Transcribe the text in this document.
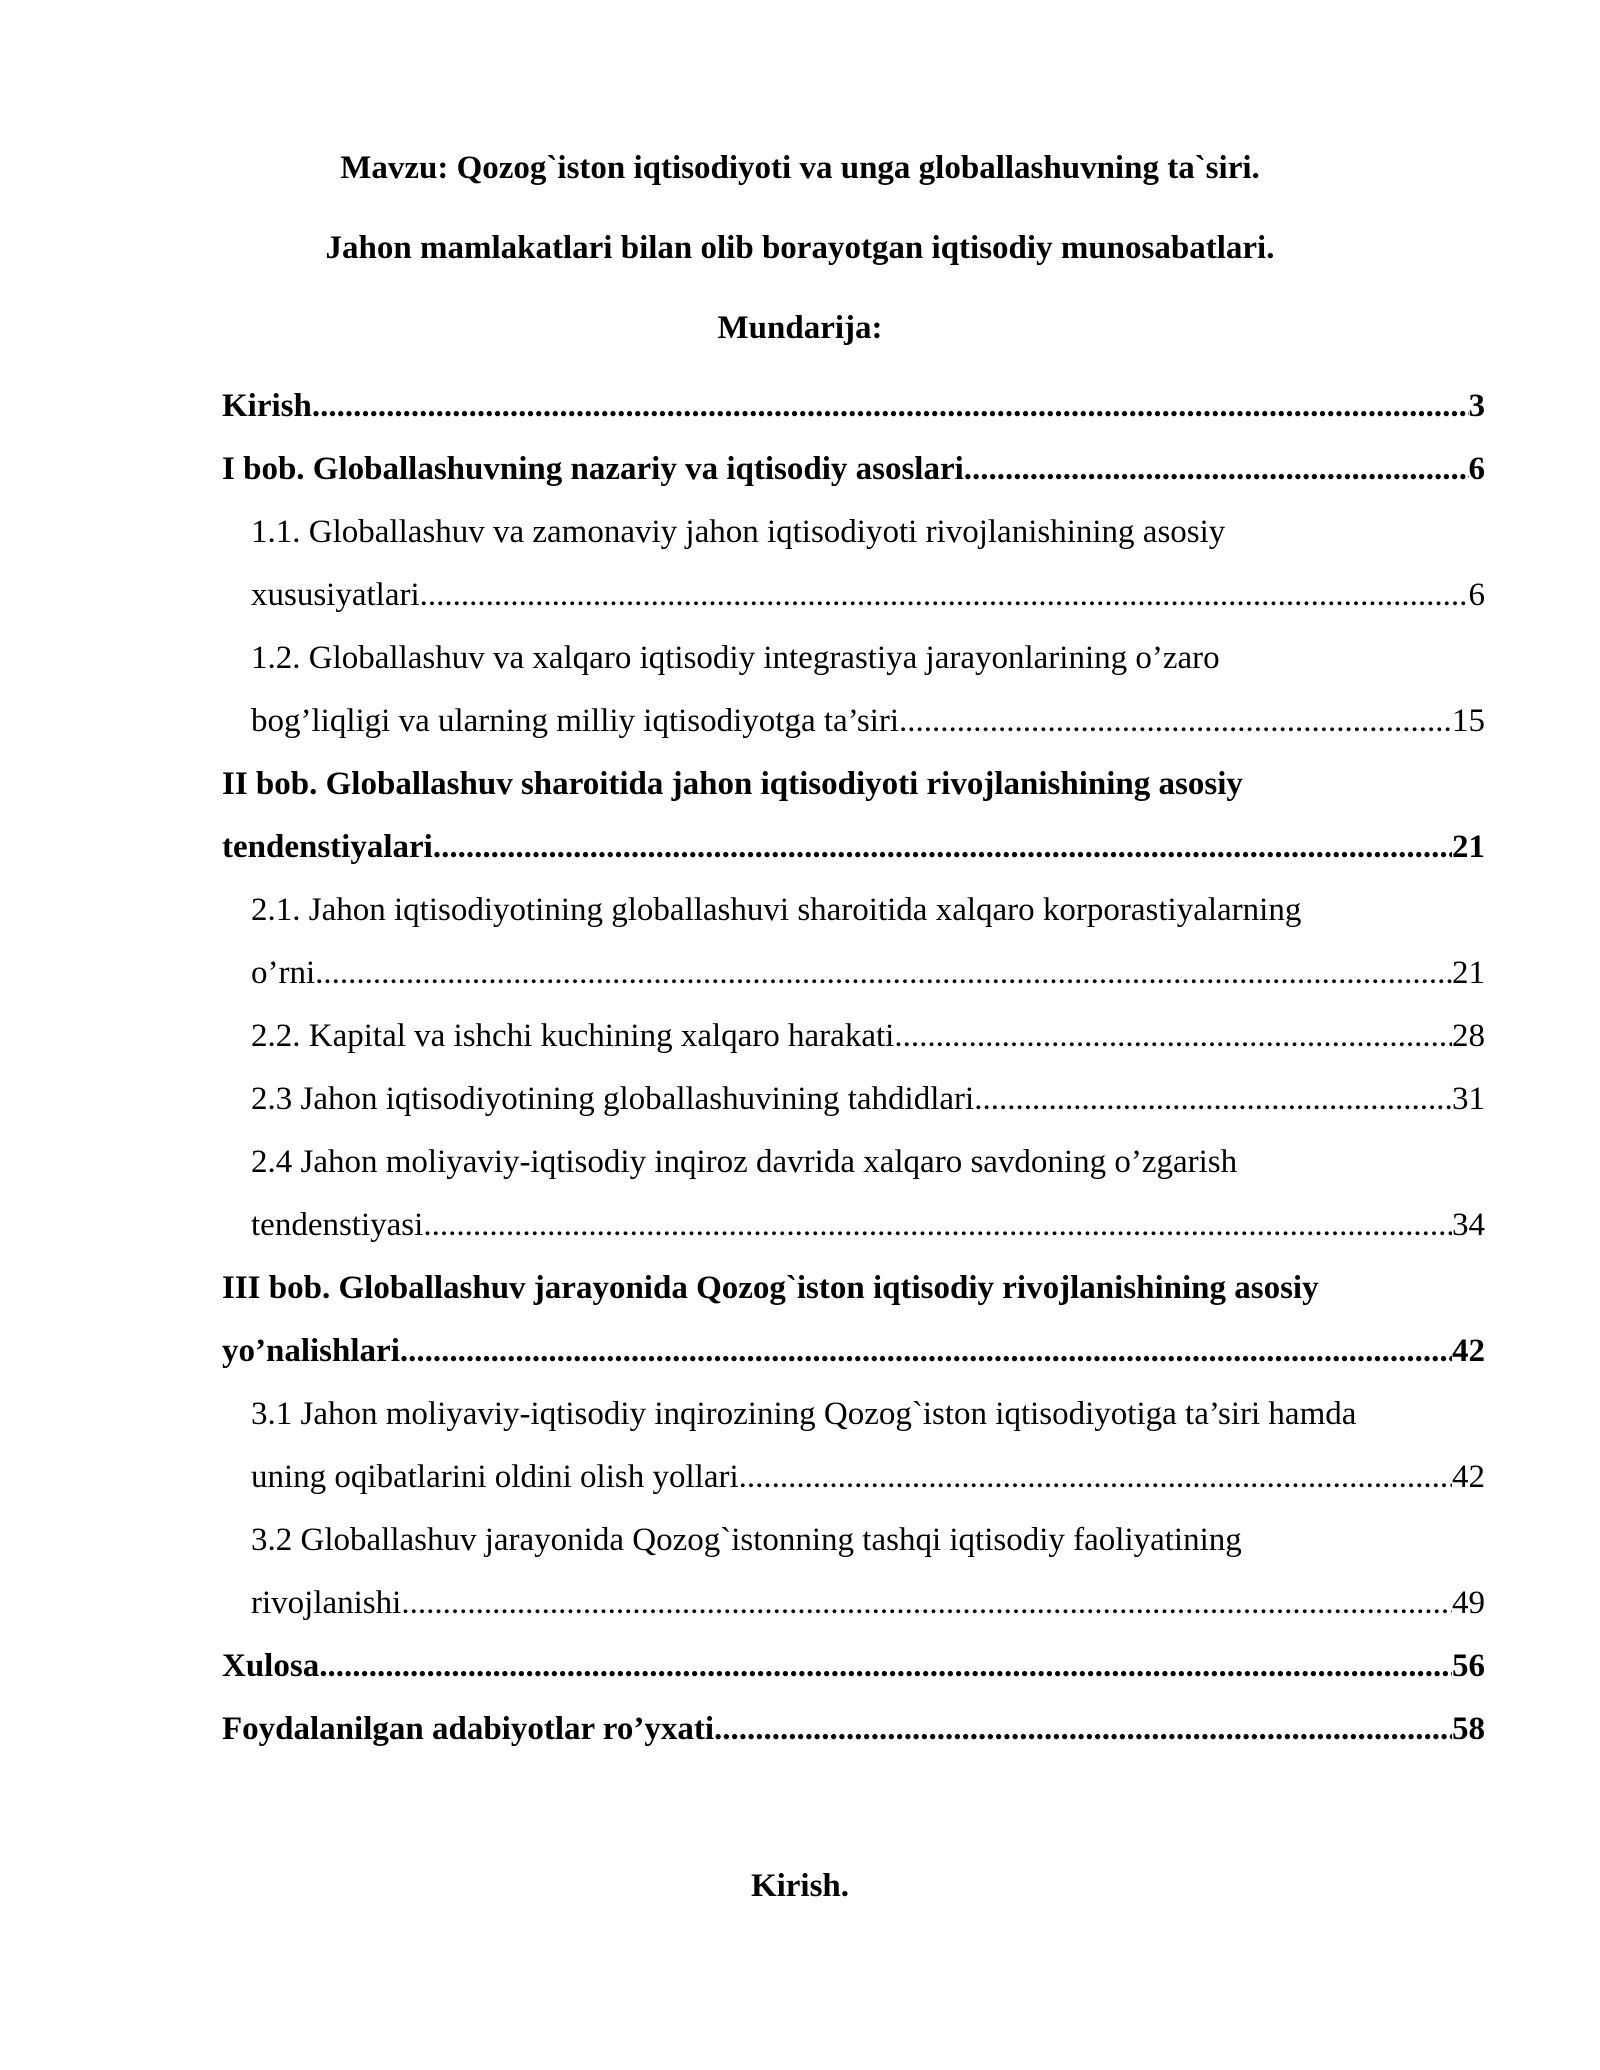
Mavzu: Qozog`iston iqtisodiyoti va unga globallashuvning ta`siri.
Jahon mamlakatlari bilan olib borayotgan iqtisodiy munosabatlari.
Mundarija:
Kirish .....	3
I bob. Globallashuvning nazariy va iqtisodiy asoslari .....	6
1.1. Globallashuv va zamonaviy jahon iqtisodiyoti rivojlanishining asosiy
xususiyatlari .....	6
1.2. Globallashuv va xalqaro iqtisodiy integrastiya jarayonlarining o’zaro
bog’liqligi va ularning milliy iqtisodiyotga ta’siri .....	15
II bob. Globallashuv sharoitida jahon iqtisodiyoti rivojlanishining asosiy
tendenstiyalari .....	21
2.1. Jahon iqtisodiyotining globallashuvi sharoitida xalqaro korporastiyalarning
o’rni .....	21
2.2. Kapital va ishchi kuchining xalqaro harakati .....	28
2.3 Jahon iqtisodiyotining globallashuvining tahdidlari .....	31
2.4 Jahon moliyaviy-iqtisodiy inqiroz davrida xalqaro savdoning o’zgarish
tendenstiyasi .....	34
III bob. Globallashuv jarayonida Qozog`iston iqtisodiy rivojlanishining asosiy
yo’nalishlari .....	42
3.1 Jahon moliyaviy-iqtisodiy inqirozining Qozog`iston iqtisodiyotiga ta’siri hamda
uning oqibatlarini oldini olish yollari .....	42
3.2 Globallashuv jarayonida Qozog`istonning tashqi iqtisodiy faoliyatining
rivojlanishi .....	49
Xulosa .....	56
Foydalanilgan adabiyotlar ro’yxati .....	58
Kirish.
